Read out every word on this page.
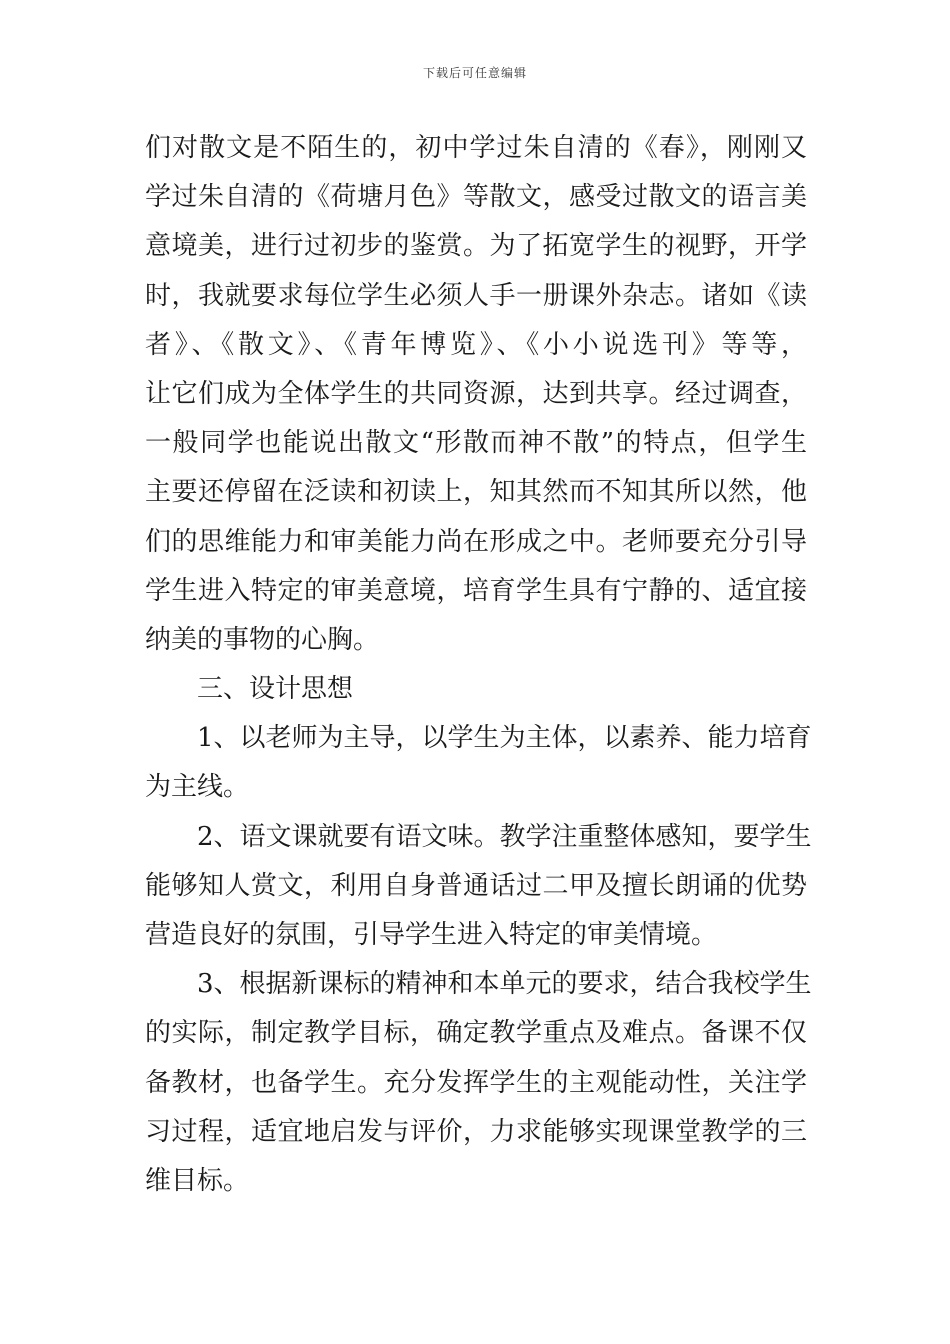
下载后可任意编辑
们对散文是不陌生的，初中学过朱自清的《春》，刚刚又
学过朱自清的《荷塘月色》等散文，感受过散文的语言美
意境美，进行过初步的鉴赏。为了拓宽学生的视野，开学
时，我就要求每位学生必须人手一册课外杂志。诸如《读
者》、《散文》、《青年博览》、《小小说选刊》等等，
让它们成为全体学生的共同资源，达到共享。经过调查，
一般同学也能说出散文“形散而神不散”的特点，但学生
主要还停留在泛读和初读上，知其然而不知其所以然，他
们的思维能力和审美能力尚在形成之中。老师要充分引导
学生进入特定的审美意境，培育学生具有宁静的、适宜接
纳美的事物的心胸。
三、设计思想
1、以老师为主导，以学生为主体，以素养、能力培育
为主线。
2、语文课就要有语文味。教学注重整体感知，要学生
能够知人赏文，利用自身普通话过二甲及擅长朗诵的优势
营造良好的氛围，引导学生进入特定的审美情境。
3、根据新课标的精神和本单元的要求，结合我校学生
的实际，制定教学目标，确定教学重点及难点。备课不仅
备教材，也备学生。充分发挥学生的主观能动性，关注学
习过程，适宜地启发与评价，力求能够实现课堂教学的三
维目标。
